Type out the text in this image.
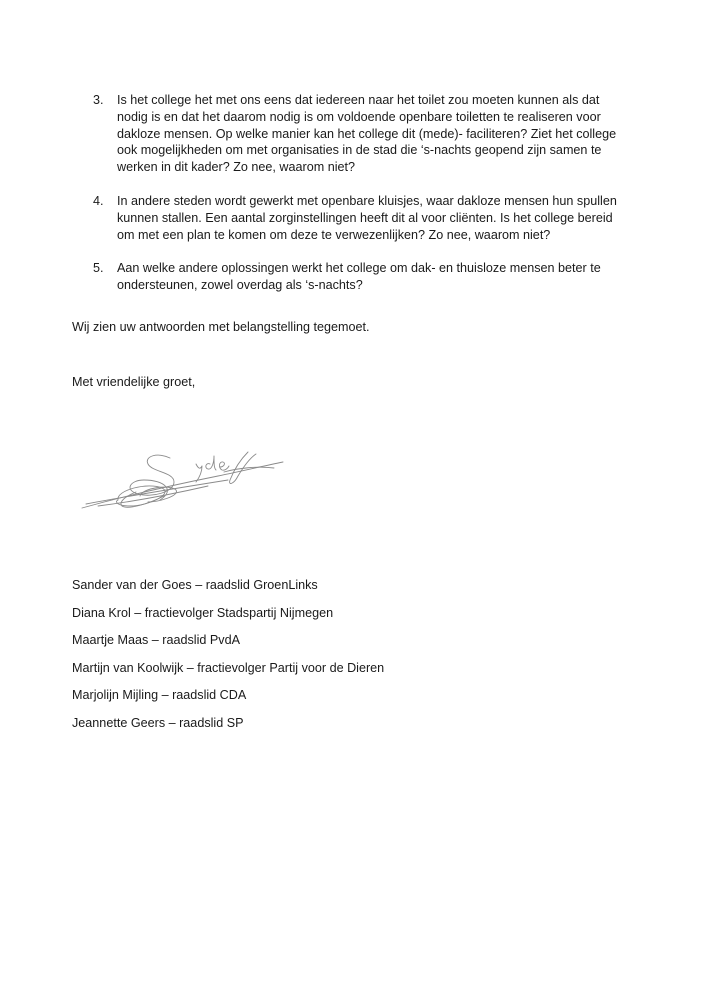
3.	Is het college het met ons eens dat iedereen naar het toilet zou moeten kunnen als dat nodig is en dat het daarom nodig is om voldoende openbare toiletten te realiseren voor dakloze mensen. Op welke manier kan het college dit (mede)- faciliteren? Ziet het college ook mogelijkheden om met organisaties in de stad die ‘s-nachts geopend zijn samen te werken in dit kader? Zo nee, waarom niet?
4.	In andere steden wordt gewerkt met openbare kluisjes, waar dakloze mensen hun spullen kunnen stallen. Een aantal zorginstellingen heeft dit al voor cliënten. Is het college bereid om met een plan te komen om deze te verwezenlijken? Zo nee, waarom niet?
5.	Aan welke andere oplossingen werkt het college om dak- en thuisloze mensen beter te ondersteunen, zowel overdag als ‘s-nachts?
Wij zien uw antwoorden met belangstelling tegemoet.
Met vriendelijke groet,
Sander van der Goes – raadslid GroenLinks
Diana Krol – fractievolger Stadspartij Nijmegen
Maartje Maas – raadslid PvdA
Martijn van Koolwijk – fractievolger Partij voor de Dieren
Marjolijn Mijling – raadslid CDA
Jeannette Geers – raadslid SP
